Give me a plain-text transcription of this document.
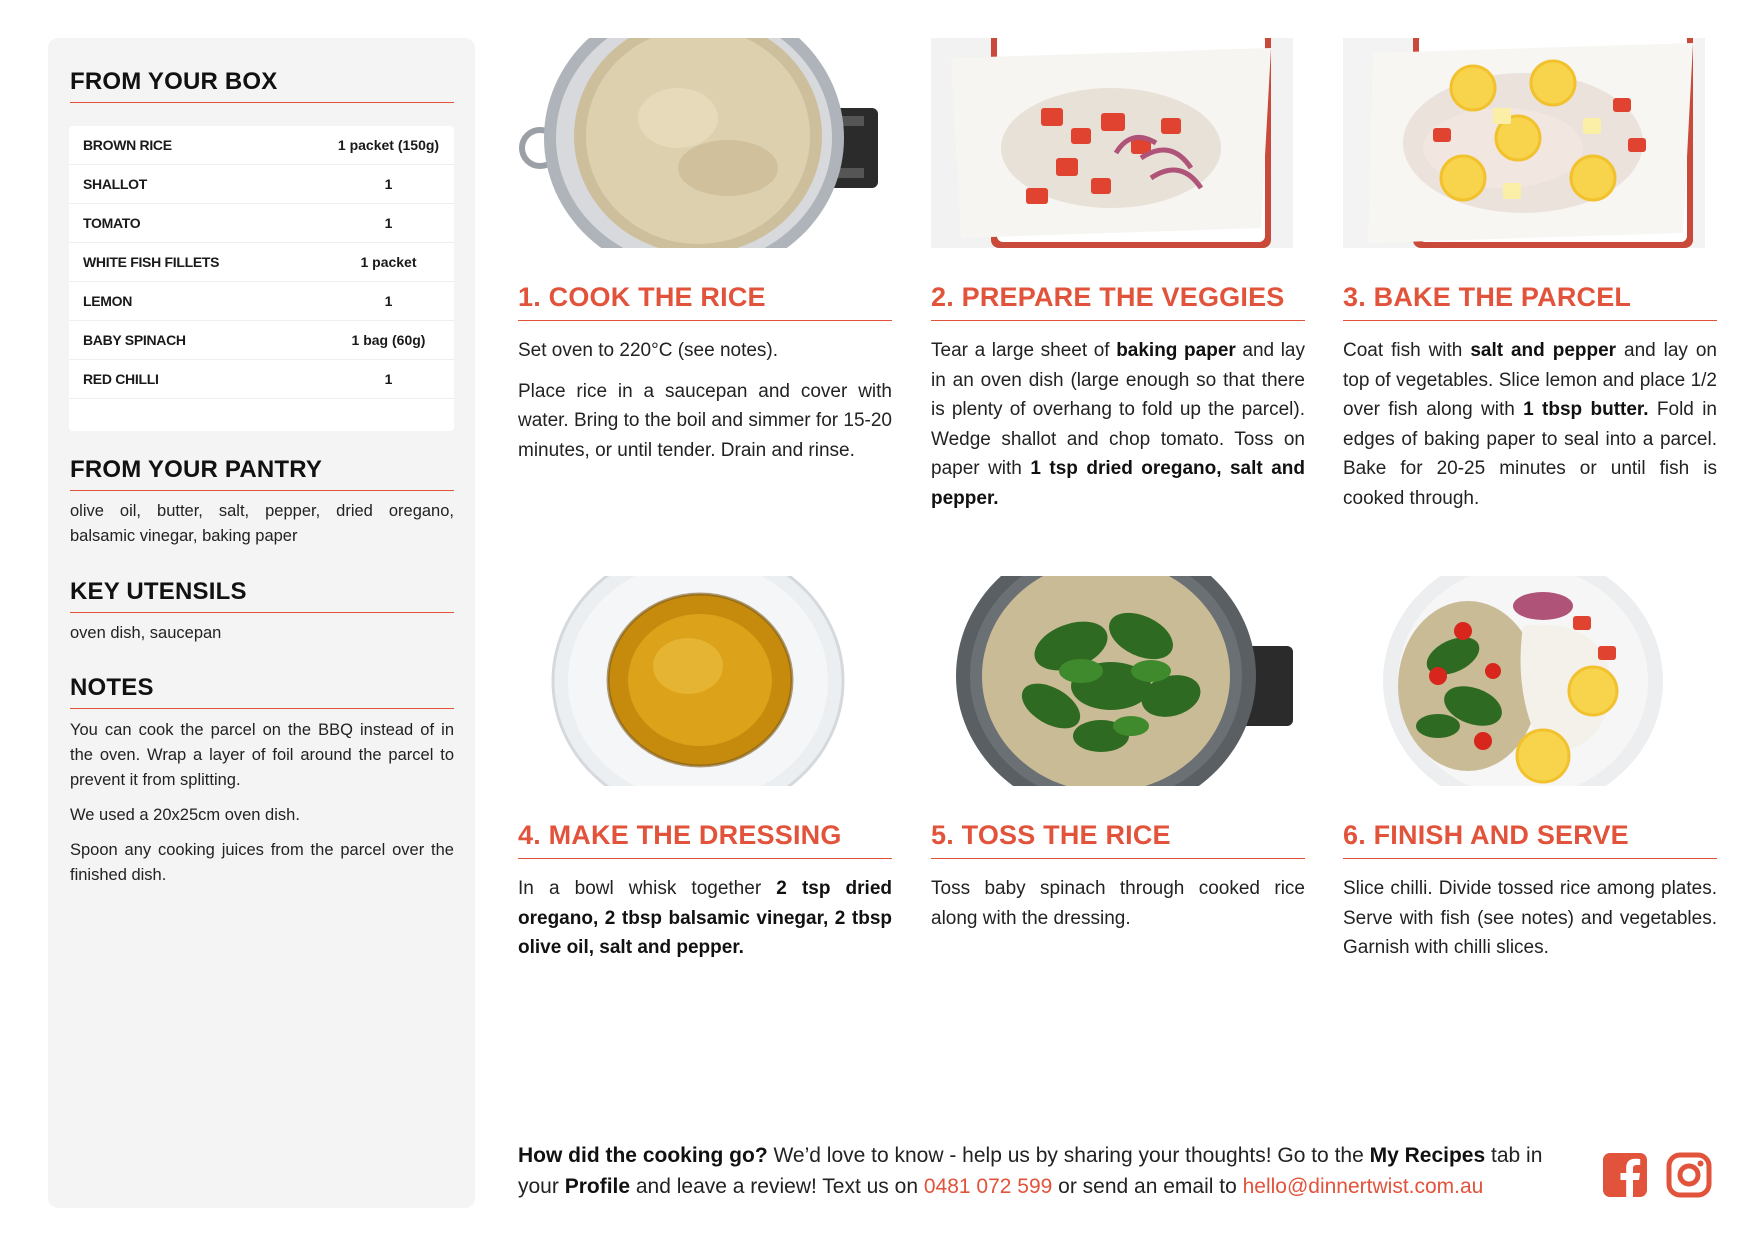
FROM YOUR BOX
BROWN RICE	1 packet (150g)
SHALLOT	1
TOMATO	1
WHITE FISH FILLETS	1 packet
LEMON	1
BABY SPINACH	1 bag (60g)
RED CHILLI	1
FROM YOUR PANTRY
olive oil, butter, salt, pepper, dried oregano, balsamic vinegar, baking paper
KEY UTENSILS
oven dish, saucepan
NOTES

You can cook the parcel on the BBQ instead of in the oven. Wrap a layer of foil around the parcel to prevent it from splitting.

We used a 20x25cm oven dish.

Spoon any cooking juices from the parcel over the finished dish.

1. COOK THE RICE

Set oven to 220°C (see notes).

Place rice in a saucepan and cover with water. Bring to the boil and simmer for 15-20 minutes, or until tender. Drain and rinse.

2. PREPARE THE VEGGIES

Tear a large sheet of baking paper and lay in an oven dish (large enough so that there is plenty of overhang to fold up the parcel). Wedge shallot and chop tomato. Toss on paper with 1 tsp dried oregano, salt and pepper.

3. BAKE THE PARCEL

Coat fish with salt and pepper and lay on top of vegetables. Slice lemon and place 1/2 over fish along with 1 tbsp butter. Fold in edges of baking paper to seal into a parcel. Bake for 20-25 minutes or until fish is cooked through.

4. MAKE THE DRESSING

In a bowl whisk together 2 tsp dried oregano, 2 tbsp balsamic vinegar, 2 tbsp olive oil, salt and pepper.

5. TOSS THE RICE

Toss baby spinach through cooked rice along with the dressing.

6. FINISH AND SERVE

Slice chilli. Divide tossed rice among plates. Serve with fish (see notes) and vegetables. Garnish with chilli slices.

How did the cooking go? We’d love to know - help us by sharing your thoughts! Go to the My Recipes tab in your Profile and leave a review! Text us on 0481 072 599 or send an email to hello@dinnertwist.com.au
